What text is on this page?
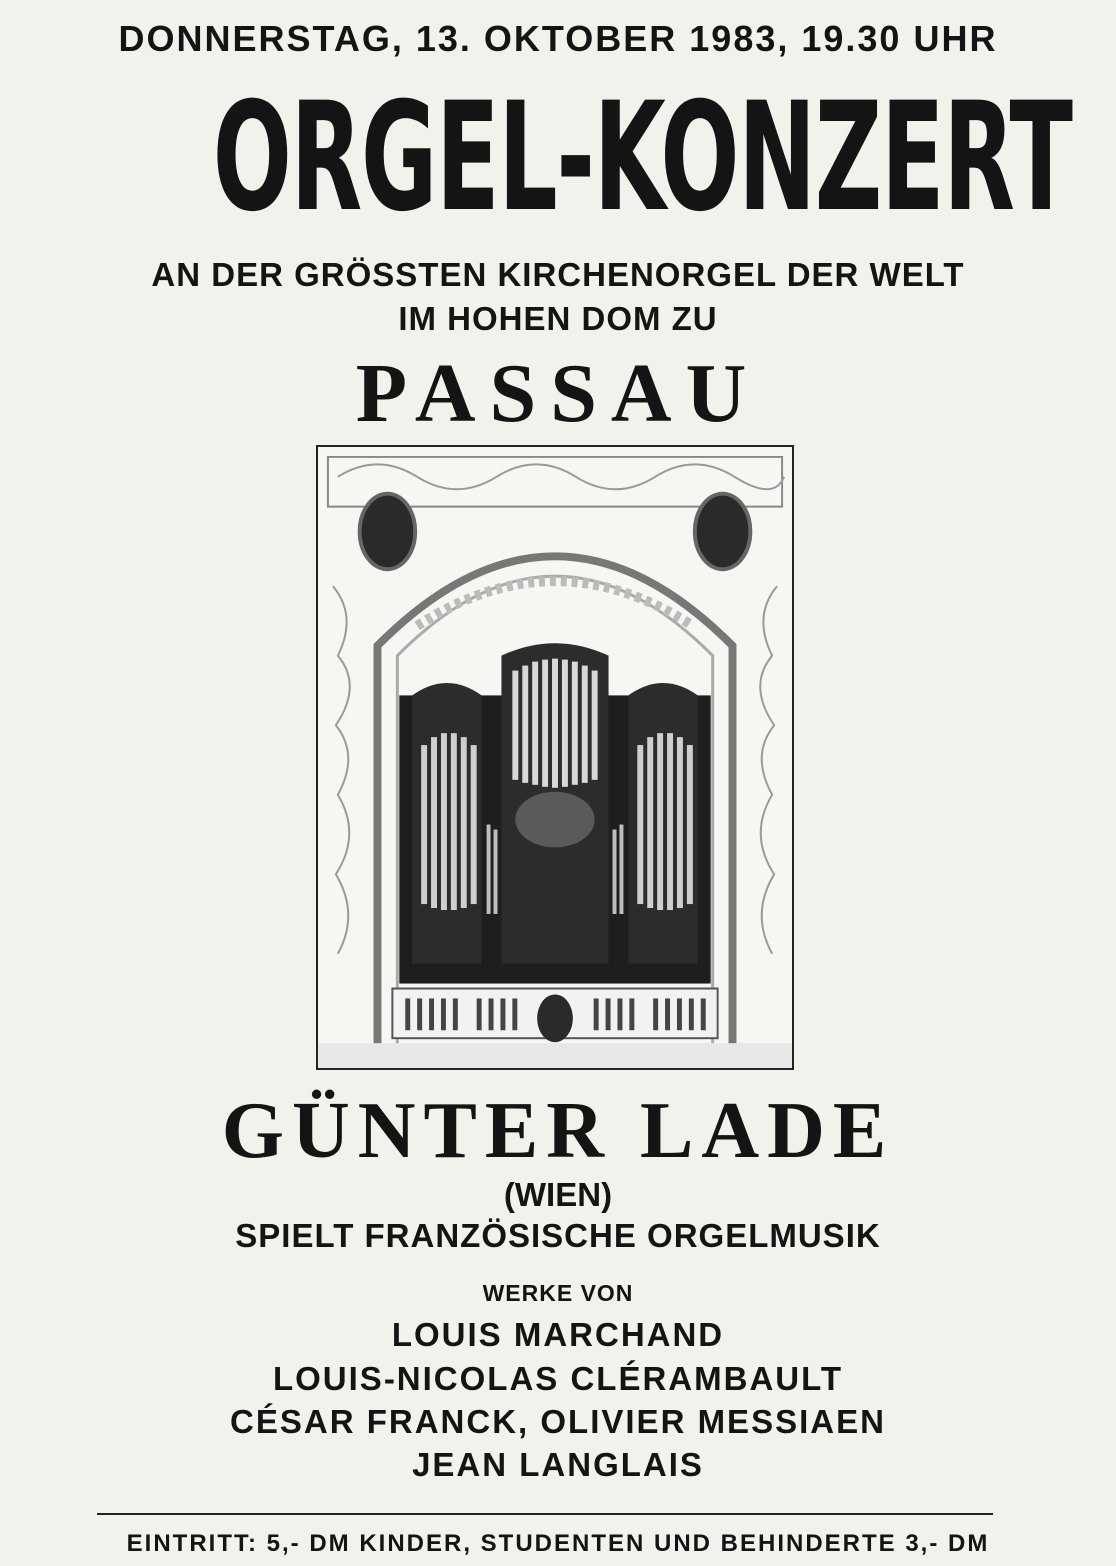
DONNERSTAG, 13. OKTOBER 1983, 19.30 UHR
ORGEL-KONZERT
AN DER GRÖSSTEN KIRCHENORGEL DER WELT
IM HOHEN DOM ZU
PASSAU
GÜNTER LADE
(WIEN)
SPIELT FRANZÖSISCHE ORGELMUSIK
WERKE VON
LOUIS MARCHAND
LOUIS-NICOLAS CLÉRAMBAULT
CÉSAR FRANCK, OLIVIER MESSIAEN
JEAN LANGLAIS
EINTRITT: 5,- DM KINDER, STUDENTEN UND BEHINDERTE 3,- DM
